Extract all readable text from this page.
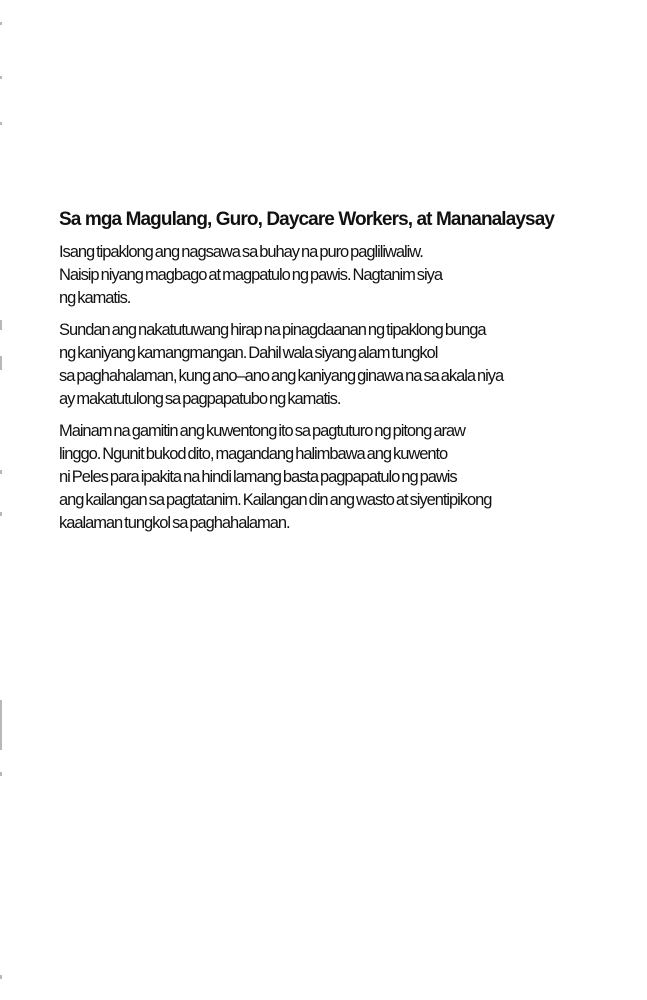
Sa mga Magulang, Guro, Daycare Workers, at Mananalaysay

Isang tipaklong ang nagsawa sa buhay na puro pagliliwaliw.
Naisip niyang magbago at magpatulo ng pawis. Nagtanim siya
ng kamatis.

Sundan ang nakatutuwang hirap na pinagdaanan ng tipaklong bunga
ng kaniyang kamangmangan. Dahil wala siyang alam tungkol
sa paghahalaman, kung ano–ano ang kaniyang ginawa na sa akala niya
ay makatutulong sa pagpapatubo ng kamatis.

Mainam na gamitin ang kuwentong ito sa pagtuturo ng pitong araw
linggo. Ngunit bukod dito, magandang halimbawa ang kuwento
ni Peles para ipakita na hindi lamang basta pagpapatulo ng pawis
ang kailangan sa pagtatanim. Kailangan din ang wasto at siyentipikong
kaalaman tungkol sa paghahalaman.
